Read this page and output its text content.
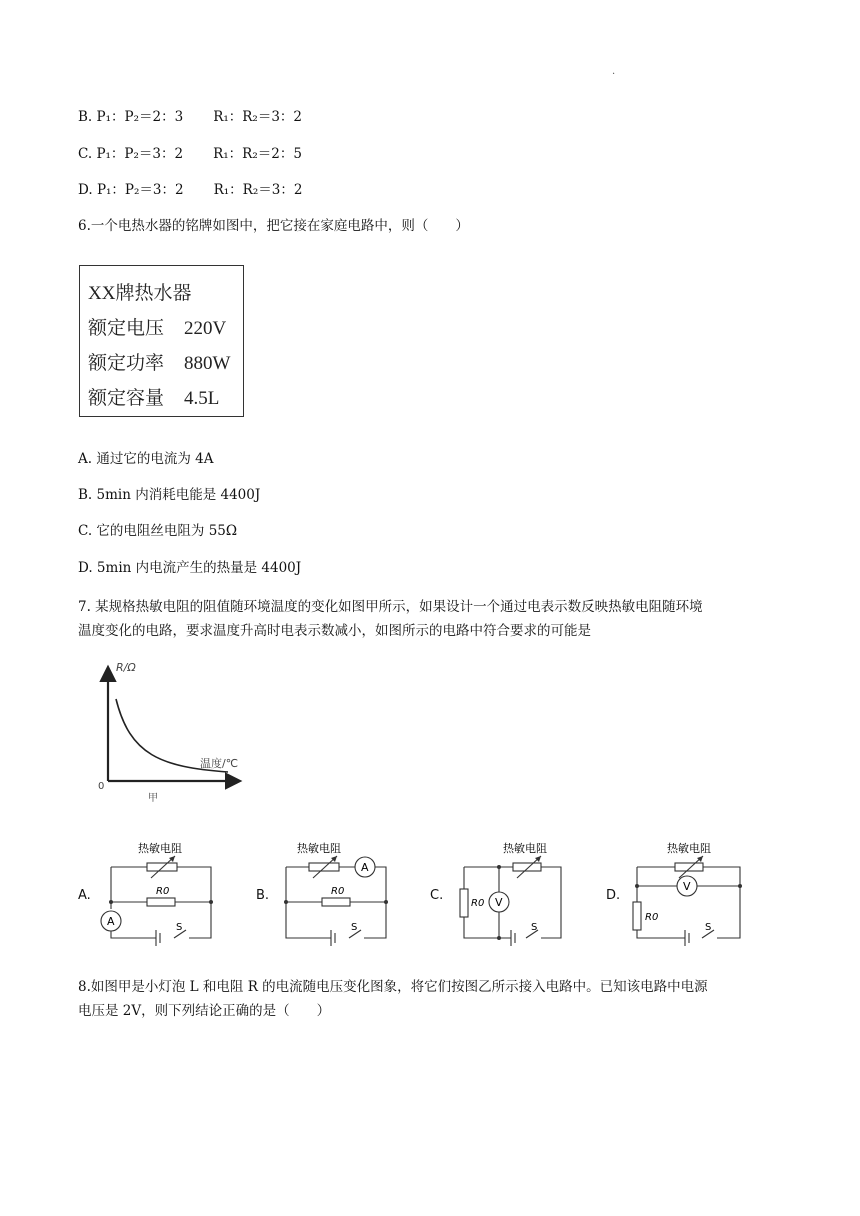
.
B. P₁：P₂＝2：3 R₁：R₂＝3：2
C. P₁：P₂＝3：2 R₁：R₂＝2：5
D. P₁：P₂＝3：2 R₁：R₂＝3：2
6.一个电热水器的铭牌如图中，把它接在家庭电路中，则（　　）
XX牌热水器
额定电压 220V
额定功率 880W
额定容量 4.5L
A. 通过它的电流为 4A
B. 5min 内消耗电能是 4400J
C. 它的电阻丝电阻为 55Ω
D. 5min 内电流产生的热量是 4400J
7. 某规格热敏电阻的阻值随环境温度的变化如图甲所示，如果设计一个通过电表示数反映热敏电阻随环境
温度变化的电路，要求温度升高时电表示数减小，如图所示的电路中符合要求的可能是
R/Ω
温度/℃
0
甲
A.
热敏电阻
R0
A	S
B.
热敏电阻
R0
A
S
C.
热敏电阻
R0 V
S
D.
热敏电阻
R0
V
S
8.如图甲是小灯泡 L 和电阻 R 的电流随电压变化图象，将它们按图乙所示接入电路中。已知该电路中电源
电压是 2V，则下列结论正确的是（　　）
